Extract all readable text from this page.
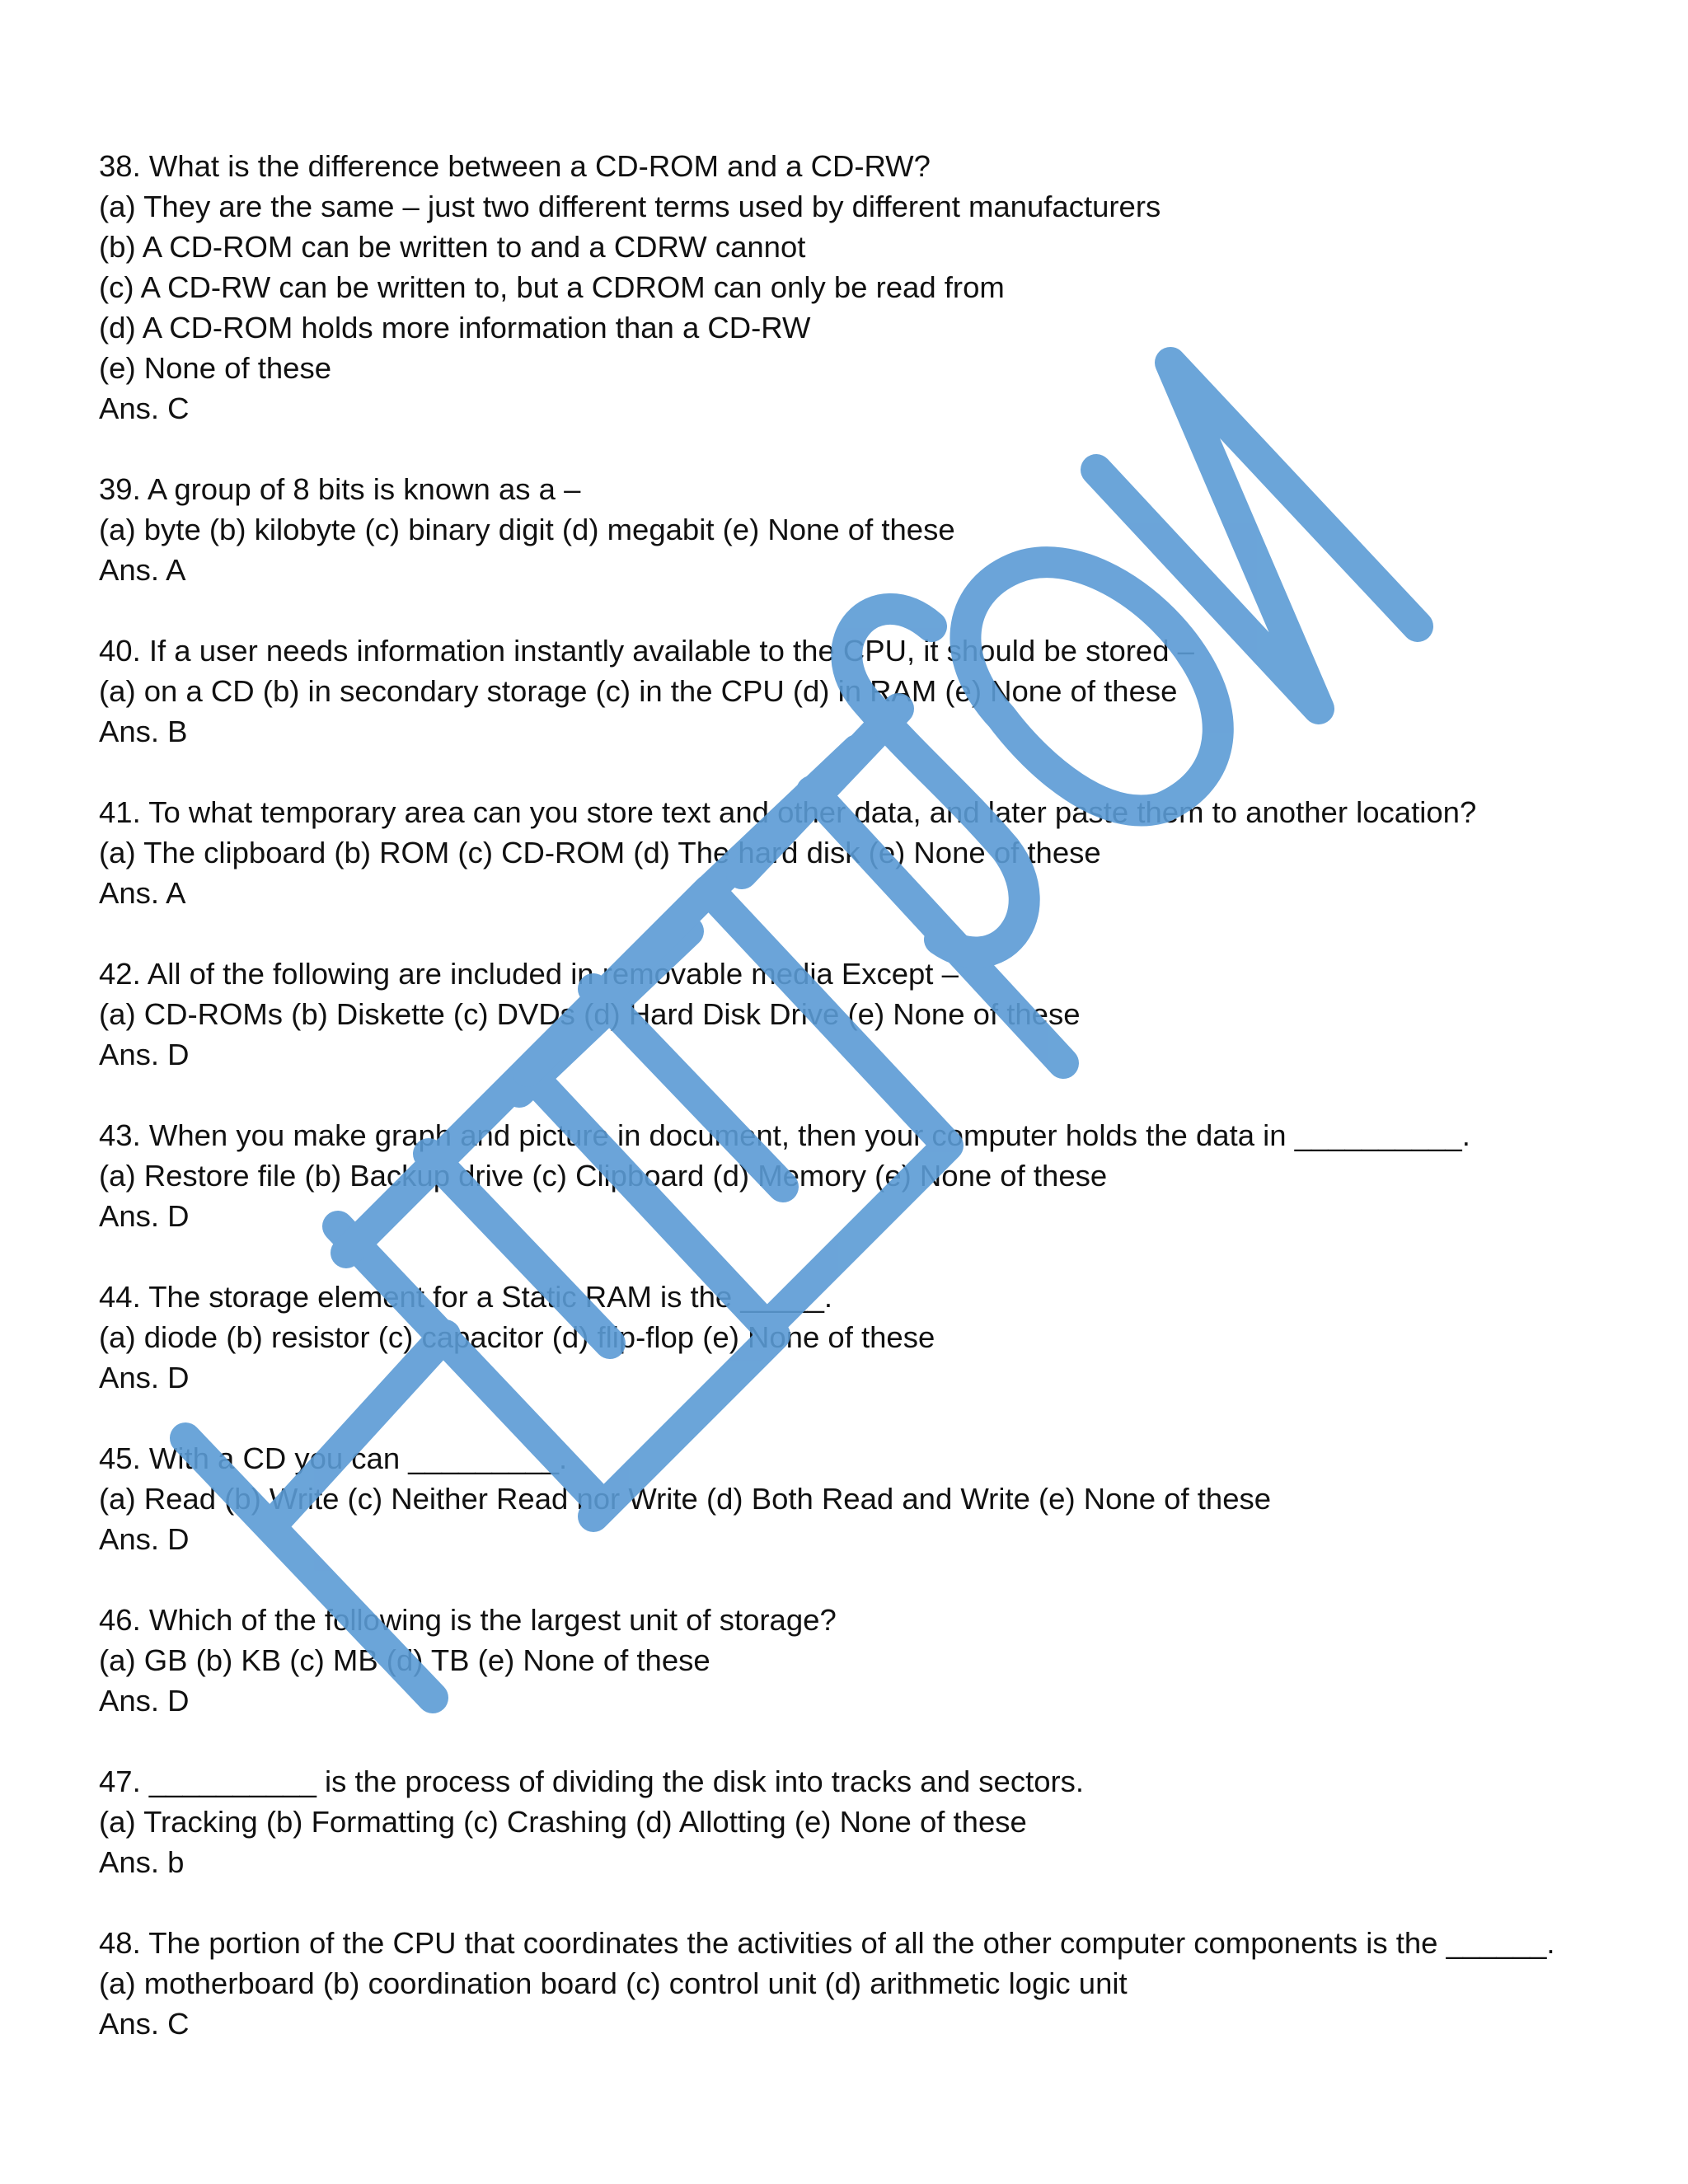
38. What is the difference between a CD-ROM and a CD-RW?
(a) They are the same – just two different terms used by different manufacturers
(b) A CD-ROM can be written to and a CDRW cannot
(c) A CD-RW can be written to, but a CDROM can only be read from
(d) A CD-ROM holds more information than a CD-RW
(e) None of these
Ans. C
39. A group of 8 bits is known as a –
(a) byte (b) kilobyte (c) binary digit (d) megabit (e) None of these
Ans. A
40. If a user needs information instantly available to the CPU, it should be stored –
(a) on a CD (b) in secondary storage (c) in the CPU (d) in RAM (e) None of these
Ans. B
41. To what temporary area can you store text and other data, and later paste them to another location?
(a) The clipboard (b) ROM (c) CD-ROM (d) The hard disk (e) None of these
Ans. A
42. All of the following are included in removable media Except –
(a) CD-ROMs (b) Diskette (c) DVDs (d) Hard Disk Drive (e) None of these
Ans. D
43. When you make graph and picture in document, then your computer holds the data in __________.
(a) Restore file (b) Backup drive (c) Clipboard (d) Memory (e) None of these
Ans. D
44. The storage element for a Static RAM is the _____.
(a) diode (b) resistor (c) capacitor (d) flip-flop (e) None of these
Ans. D
45. With a CD you can _________.
(a) Read (b) Write (c) Neither Read nor Write (d) Both Read and Write (e) None of these
Ans. D
46. Which of the following is the largest unit of storage?
(a) GB (b) KB (c) MB (d) TB (e) None of these
Ans. D
47. __________ is the process of dividing the disk into tracks and sectors.
(a) Tracking (b) Formatting (c) Crashing (d) Allotting (e) None of these
Ans. b
48. The portion of the CPU that coordinates the activities of all the other computer components is the ______.
(a) motherboard (b) coordination board (c) control unit (d) arithmetic logic unit
Ans. C
